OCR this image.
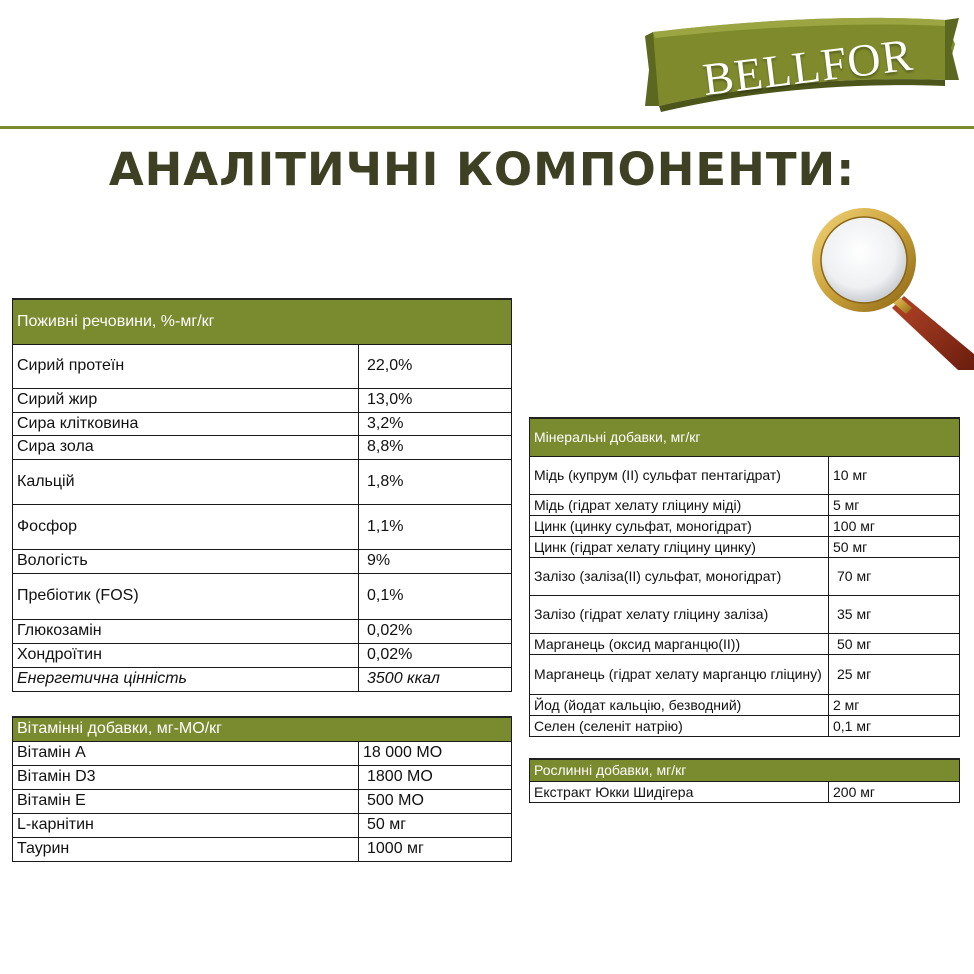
BELLFOR
АНАЛІТИЧНІ КОМПОНЕНТИ:
Поживні речовини, %-мг/кг	
Сирий протеїн	22,0%
Сирий жир	13,0%
Сира клітковина	3,2%
Сира зола	8,8%
Кальцій	1,8%
Фосфор	1,1%
Вологість	9%
Пребіотик (FOS)	0,1%
Глюкозамін	0,02%
Хондроїтин	0,02%
Енергетична цінність	3500 ккал
Вітамінні добавки, мг-МО/кг	
Вітамін А	18 000 МО
Вітамін D3	1800 МО
Вітамін Е	500 МО
L-карнітин	50 мг
Таурин	1000 мг
Мінеральні добавки, мг/кг	
Мідь (купрум (II) сульфат пентагідрат)	10 мг
Мідь (гідрат хелату гліцину міді)	5 мг
Цинк (цинку сульфат, моногідрат)	100 мг
Цинк (гідрат хелату гліцину цинку)	50 мг
Залізо (заліза(II) сульфат, моногідрат)	70 мг
Залізо (гідрат хелату гліцину заліза)	35 мг
Марганець (оксид марганцю(II))	50 мг
Марганець (гідрат хелату марганцю гліцину)	25 мг
Йод (йодат кальцію, безводний)	2 мг
Селен (селеніт натрію)	0,1 мг
Рослинні добавки, мг/кг
Екстракт Юкки Шидігера	200 мг
